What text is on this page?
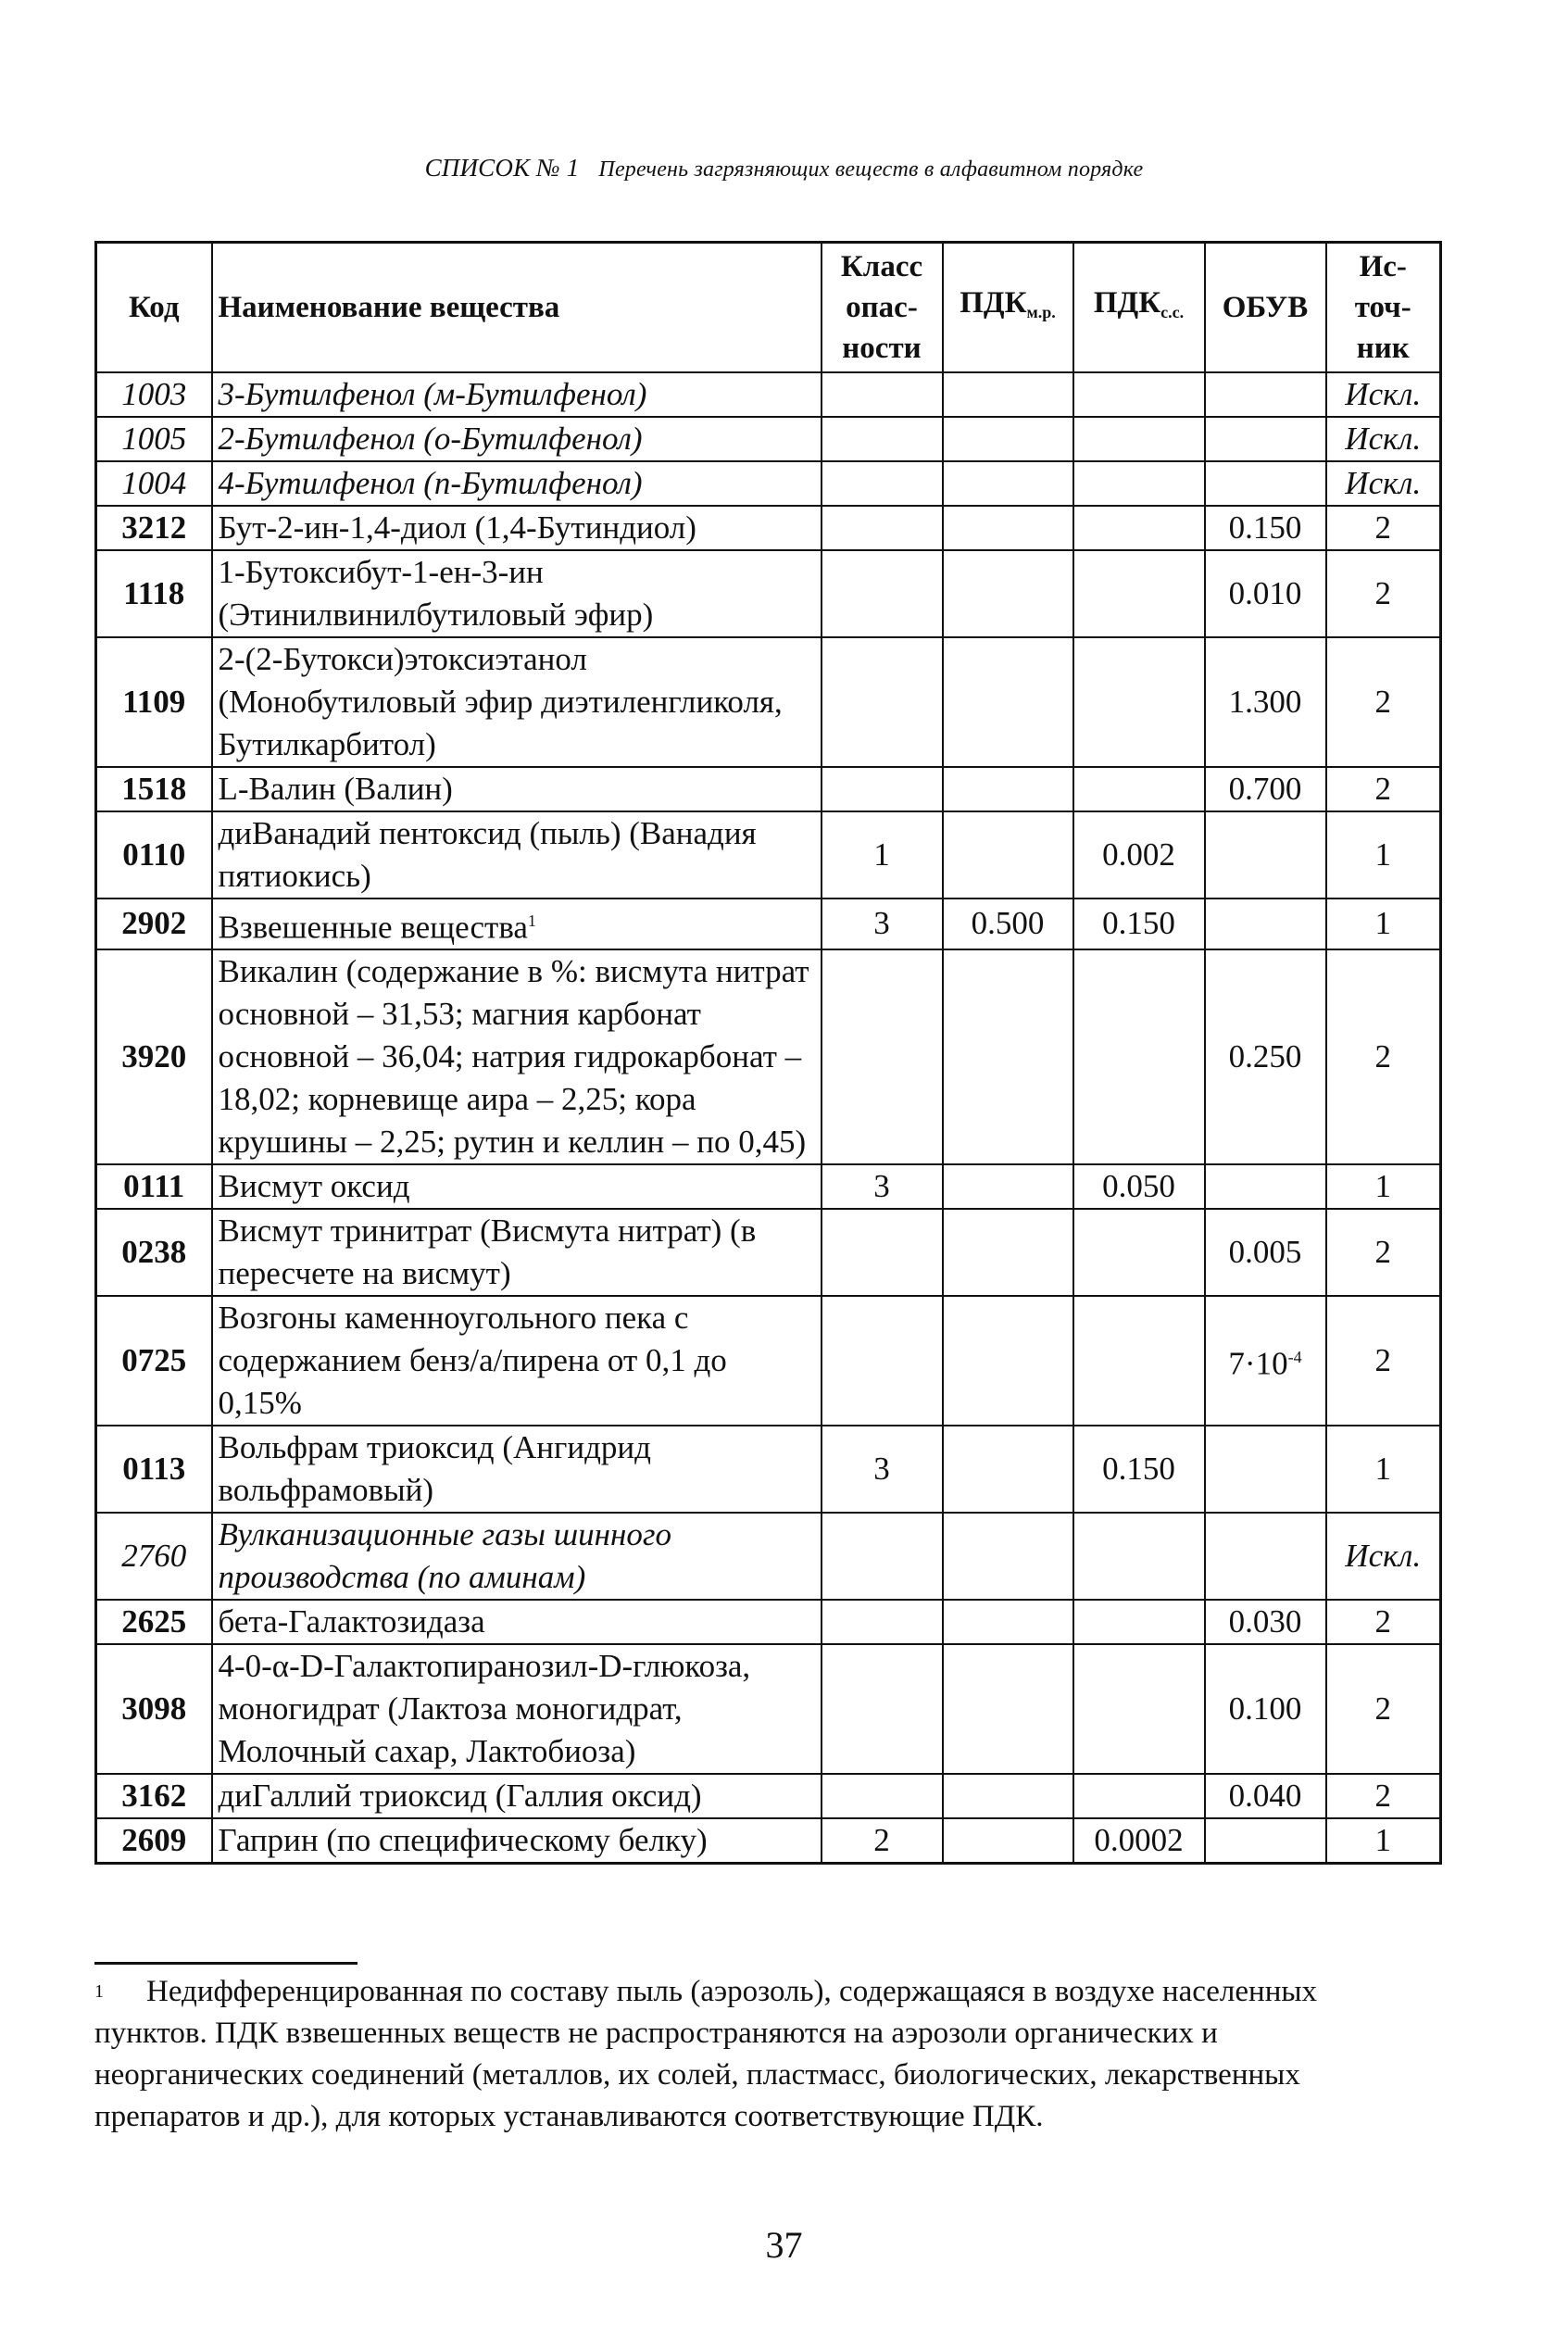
СПИСОК № 1 Перечень загрязняющих веществ в алфавитном порядке
Код	Наименование вещества	Класс опас-ности	$ПДК_{м.р.}$	$ПДК_{с.с.}$	ОБУВ	Ис-точ-ник
1003	3-Бутилфенол (м-Бутилфенол)					Искл.
1005	2-Бутилфенол (о-Бутилфенол)					Искл.
1004	4-Бутилфенол (п-Бутилфенол)					Искл.
3212	Бут-2-ин-1,4-диол (1,4-Бутиндиол)				0.150	2
1118	1-Бутоксибут-1-ен-3-ин (Этинилвинилбутиловый эфир)				0.010	2
1109	2-(2-Бутокси)этоксиэтанол (Монобутиловый эфир диэтиленгликоля, Бутилкарбитол)				1.300	2
1518	L-Валин (Валин)				0.700	2
0110	диВанадий пентоксид (пыль) (Ванадия пятиокись)	1		0.002		1
2902	Взвешенные вещества$^1$	3	0.500	0.150		1
3920	Викалин (содержание в %: висмута нитрат основной – 31,53; магния карбонат основной – 36,04; натрия гидрокарбонат – 18,02; корневище аира – 2,25; кора крушины – 2,25; рутин и келлин – по 0,45)				0.250	2
0111	Висмут оксид	3		0.050		1
0238	Висмут тринитрат (Висмута нитрат) (в пересчете на висмут)				0.005	2
0725	Возгоны каменноугольного пека с содержанием бенз/а/пирена от 0,1 до 0,15%				$7\cdot 10^{-4}$	2
0113	Вольфрам триоксид (Ангидрид вольфрамовый)	3		0.150		1
2760	Вулканизационные газы шинного производства (по аминам)					Искл.
2625	бета-Галактозидаза				0.030	2
3098	4-0-α-D-Галактопиранозил-D-глюкоза, моногидрат (Лактоза моногидрат, Молочный сахар, Лактобиоза)				0.100	2
3162	диГаллий триоксид (Галлия оксид)				0.040	2
2609	Гаприн (по специфическому белку)	2		0.0002		1
$^1$ Недифференцированная по составу пыль (аэрозоль), содержащаяся в воздухе населенных пунктов. ПДК взвешенных веществ не распространяются на аэрозоли органических и неорганических соединений (металлов, их солей, пластмасс, биологических, лекарственных препаратов и др.), для которых устанавливаются соответствующие ПДК.
37
